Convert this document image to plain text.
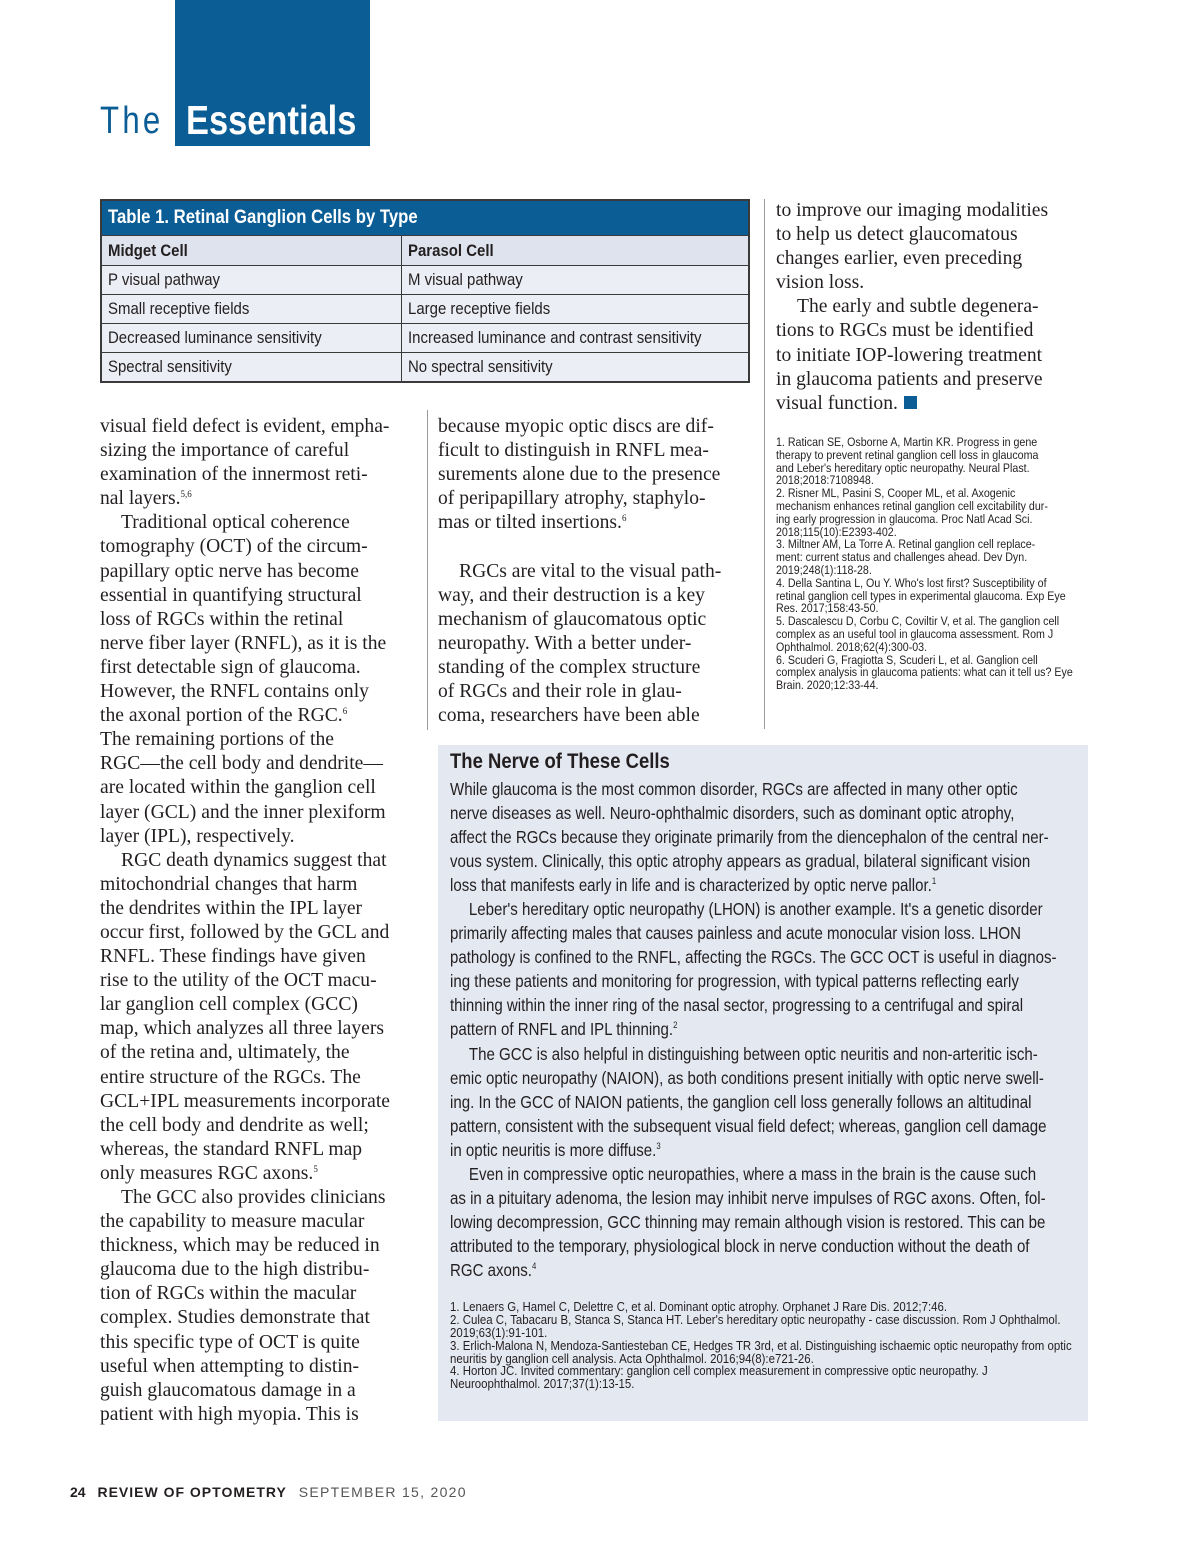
The Essentials
Table 1. Retinal Ganglion Cells by Type	
Midget Cell	Parasol Cell
P visual pathway	M visual pathway
Small receptive fields	Large receptive fields
Decreased luminance sensitivity	Increased luminance and contrast sensitivity
Spectral sensitivity	No spectral sensitivity
visual field defect is evident, empha-
sizing the importance of careful
examination of the innermost reti-
nal layers.$^{5,6}$
Traditional optical coherence
tomography (OCT) of the circum-
papillary optic nerve has become
essential in quantifying structural
loss of RGCs within the retinal
nerve fiber layer (RNFL), as it is the
first detectable sign of glaucoma.
However, the RNFL contains only
the axonal portion of the RGC.$^6$
The remaining portions of the
RGC—the cell body and dendrite—
are located within the ganglion cell
layer (GCL) and the inner plexiform
layer (IPL), respectively.
RGC death dynamics suggest that
mitochondrial changes that harm
the dendrites within the IPL layer
occur first, followed by the GCL and
RNFL. These findings have given
rise to the utility of the OCT macu-
lar ganglion cell complex (GCC)
map, which analyzes all three layers
of the retina and, ultimately, the
entire structure of the RGCs. The
GCL+IPL measurements incorporate
the cell body and dendrite as well;
whereas, the standard RNFL map
only measures RGC axons.$^5$
The GCC also provides clinicians
the capability to measure macular
thickness, which may be reduced in
glaucoma due to the high distribu-
tion of RGCs within the macular
complex. Studies demonstrate that
this specific type of OCT is quite
useful when attempting to distin-
guish glaucomatous damage in a
patient with high myopia. This is
because myopic optic discs are dif-
ficult to distinguish in RNFL mea-
surements alone due to the presence
of peripapillary atrophy, staphylo-
mas or tilted insertions.$^6$
RGCs are vital to the visual path-
way, and their destruction is a key
mechanism of glaucomatous optic
neuropathy. With a better under-
standing of the complex structure
of RGCs and their role in glau-
coma, researchers have been able
to improve our imaging modalities
to help us detect glaucomatous
changes earlier, even preceding
vision loss.
The early and subtle degenera-
tions to RGCs must be identified
to initiate IOP-lowering treatment
in glaucoma patients and preserve
visual function.
1. Ratican SE, Osborne A, Martin KR. Progress in gene
therapy to prevent retinal ganglion cell loss in glaucoma
and Leber's hereditary optic neuropathy. Neural Plast.
2018;2018:7108948.
2. Risner ML, Pasini S, Cooper ML, et al. Axogenic
mechanism enhances retinal ganglion cell excitability dur-
ing early progression in glaucoma. Proc Natl Acad Sci.
2018;115(10):E2393-402.
3. Miltner AM, La Torre A. Retinal ganglion cell replace-
ment: current status and challenges ahead. Dev Dyn.
2019;248(1):118-28.
4. Della Santina L, Ou Y. Who's lost first? Susceptibility of
retinal ganglion cell types in experimental glaucoma. Exp Eye
Res. 2017;158:43-50.
5. Dascalescu D, Corbu C, Coviltir V, et al. The ganglion cell
complex as an useful tool in glaucoma assessment. Rom J
Ophthalmol. 2018;62(4):300-03.
6. Scuderi G, Fragiotta S, Scuderi L, et al. Ganglion cell
complex analysis in glaucoma patients: what can it tell us? Eye
Brain. 2020;12:33-44.
The Nerve of These Cells
While glaucoma is the most common disorder, RGCs are affected in many other optic
nerve diseases as well. Neuro-ophthalmic disorders, such as dominant optic atrophy,
affect the RGCs because they originate primarily from the diencephalon of the central ner-
vous system. Clinically, this optic atrophy appears as gradual, bilateral significant vision
loss that manifests early in life and is characterized by optic nerve pallor.$^1$
Leber's hereditary optic neuropathy (LHON) is another example. It's a genetic disorder
primarily affecting males that causes painless and acute monocular vision loss. LHON
pathology is confined to the RNFL, affecting the RGCs. The GCC OCT is useful in diagnos-
ing these patients and monitoring for progression, with typical patterns reflecting early
thinning within the inner ring of the nasal sector, progressing to a centrifugal and spiral
pattern of RNFL and IPL thinning.$^2$
The GCC is also helpful in distinguishing between optic neuritis and non-arteritic isch-
emic optic neuropathy (NAION), as both conditions present initially with optic nerve swell-
ing. In the GCC of NAION patients, the ganglion cell loss generally follows an altitudinal
pattern, consistent with the subsequent visual field defect; whereas, ganglion cell damage
in optic neuritis is more diffuse.$^3$
Even in compressive optic neuropathies, where a mass in the brain is the cause such
as in a pituitary adenoma, the lesion may inhibit nerve impulses of RGC axons. Often, fol-
lowing decompression, GCC thinning may remain although vision is restored. This can be
attributed to the temporary, physiological block in nerve conduction without the death of
RGC axons.$^4$
1. Lenaers G, Hamel C, Delettre C, et al. Dominant optic atrophy. Orphanet J Rare Dis. 2012;7:46.
2. Culea C, Tabacaru B, Stanca S, Stanca HT. Leber's hereditary optic neuropathy - case discussion. Rom J Ophthalmol.
2019;63(1):91-101.
3. Erlich-Malona N, Mendoza-Santiesteban CE, Hedges TR 3rd, et al. Distinguishing ischaemic optic neuropathy from optic
neuritis by ganglion cell analysis. Acta Ophthalmol. 2016;94(8):e721-26.
4. Horton JC. Invited commentary: ganglion cell complex measurement in compressive optic neuropathy. J
Neuroophthalmol. 2017;37(1):13-15.
24 REVIEW OF OPTOMETRY SEPTEMBER 15, 2020
